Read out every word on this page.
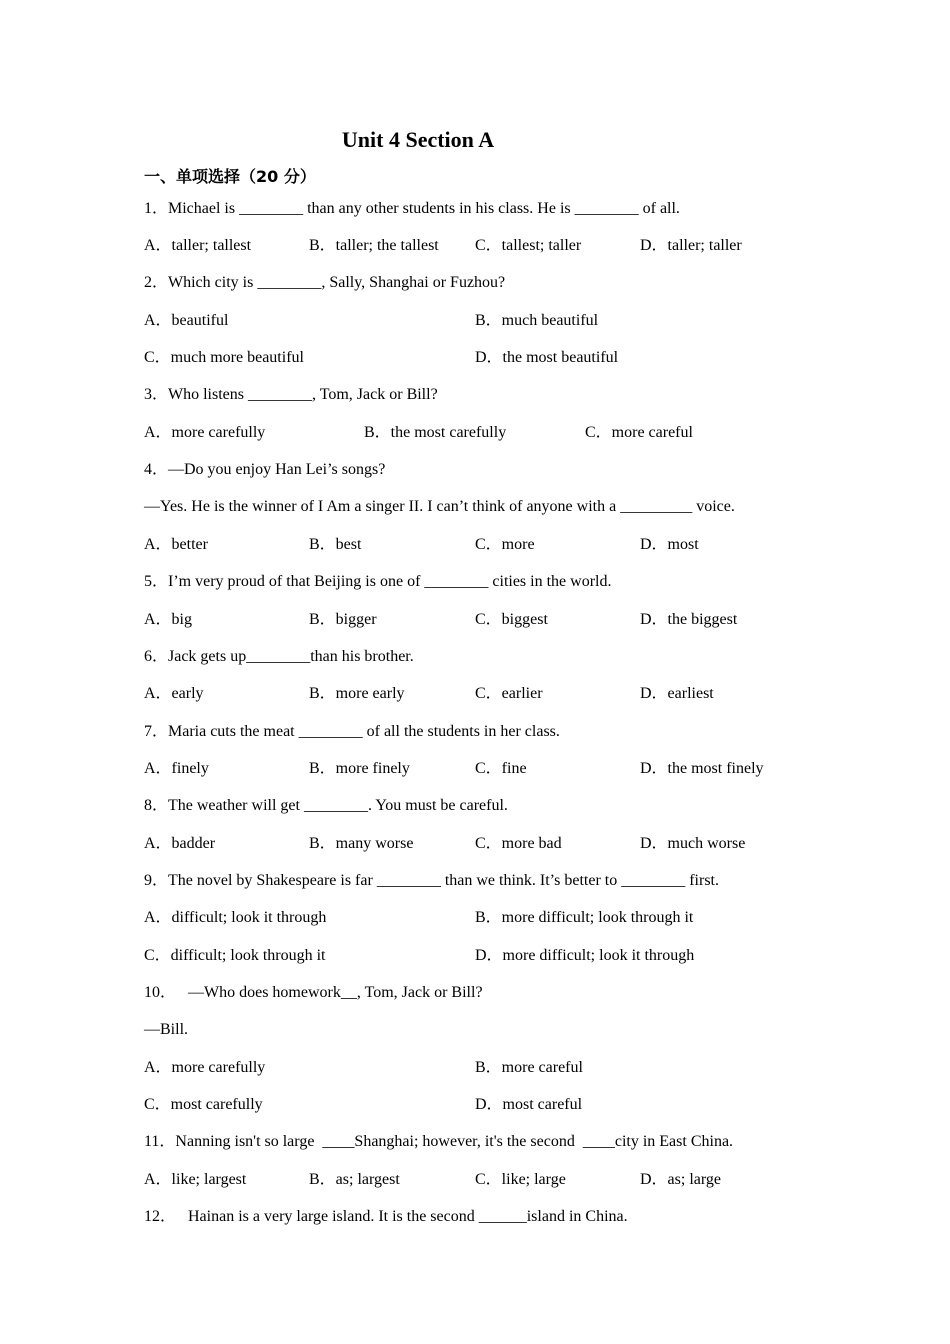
Unit 4 Section A
一、单项选择（20 分）
1．Michael is ________ than any other students in his class. He is ________ of all.
A．taller; tallest	B．taller; the tallest C．tallest; taller	D．taller; taller
2．Which city is ________, Sally, Shanghai or Fuzhou?
A．beautiful	B．much beautiful
C．much more beautiful	D．the most beautiful
3．Who listens ________, Tom, Jack or Bill?
A．more carefully	B．the most carefully	C．more careful
4．—Do you enjoy Han Lei’s songs?
—Yes. He is the winner of I Am a singer II. I can’t think of anyone with a _________ voice.
A．better	B．best	C．more	D．most
5．I’m very proud of that Beijing is one of ________ cities in the world.
A．big	B．bigger	C．biggest	D．the biggest
6．Jack gets up________than his brother.
A．early	B．more early	C．earlier	D．earliest
7．Maria cuts the meat ________ of all the students in her class.
A．finely	B．more finely	C．fine	D．the most finely
8．The weather will get ________. You must be careful.
A．badder	B．many worse	C．more bad	D．much worse
9．The novel by Shakespeare is far ________ than we think. It’s better to ________ first.
A．difficult; look it through	B．more difficult; look through it
C．difficult; look through it	D．more difficult; look it through
10．   —Who does homework__, Tom, Jack or Bill?
—Bill.
A．more carefully	B．more careful
C．most carefully	D．most careful
11．Nanning isn't so large  ____Shanghai; however, it's the second  ____city in East China.
A．like; largest	B．as; largest	C．like; large	D．as; large
12．   Hainan is a very large island. It is the second ______island in China.
